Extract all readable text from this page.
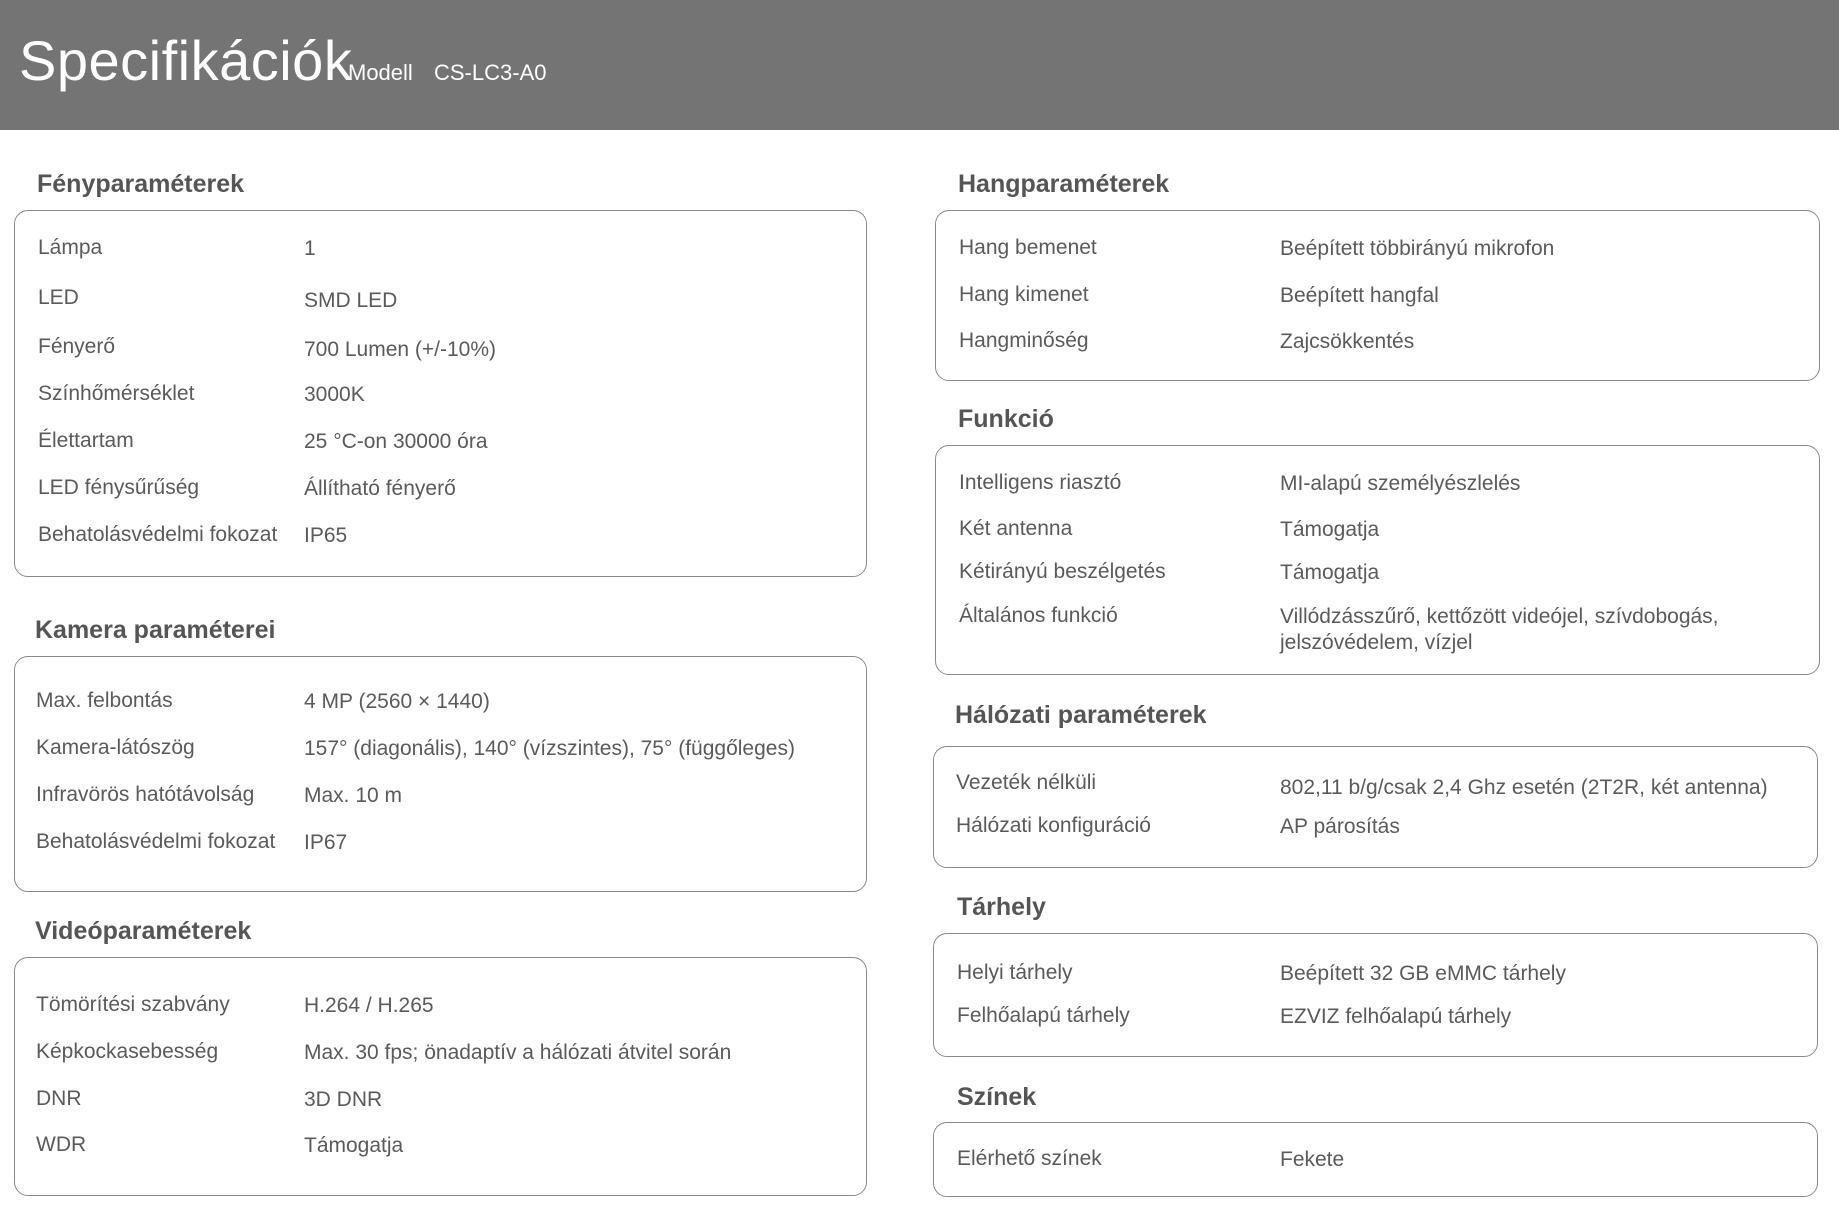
Specifikációk
Modell CS-LC3-A0
Fényparaméterek
Lámpa	1
LED	SMD LED
Fényerő	700 Lumen (+/-10%)
Színhőmérséklet	3000K
Élettartam	25 °C-on 30000 óra
LED fénysűrűség	Állítható fényerő
Behatolásvédelmi fokozat IP65
Kamera paraméterei
Max. felbontás	4 MP (2560 × 1440)
Kamera-látószög	157° (diagonális), 140° (vízszintes), 75° (függőleges)
Infravörös hatótávolság Max. 10 m
Behatolásvédelmi fokozat IP67
Videóparaméterek
Tömörítési szabvány	H.264 / H.265
Képkockasebesség	Max. 30 fps; önadaptív a hálózati átvitel során
DNR	3D DNR
WDR	Támogatja
Hangparaméterek
Hang bemenet	Beépített többirányú mikrofon
Hang kimenet	Beépített hangfal
Hangminőség	Zajcsökkentés
Funkció
Intelligens riasztó	MI-alapú személyészlelés
Két antenna	Támogatja
Kétirányú beszélgetés	Támogatja
Általános funkció	Villódzásszűrő, kettőzött videójel, szívdobogás,
jelszóvédelem, vízjel
Hálózati paraméterek
Vezeték nélküli	802,11 b/g/csak 2,4 Ghz esetén (2T2R, két antenna)
Hálózati konfiguráció	AP párosítás
Tárhely
Helyi tárhely	Beépített 32 GB eMMC tárhely
Felhőalapú tárhely	EZVIZ felhőalapú tárhely
Színek
Elérhető színek	Fekete
